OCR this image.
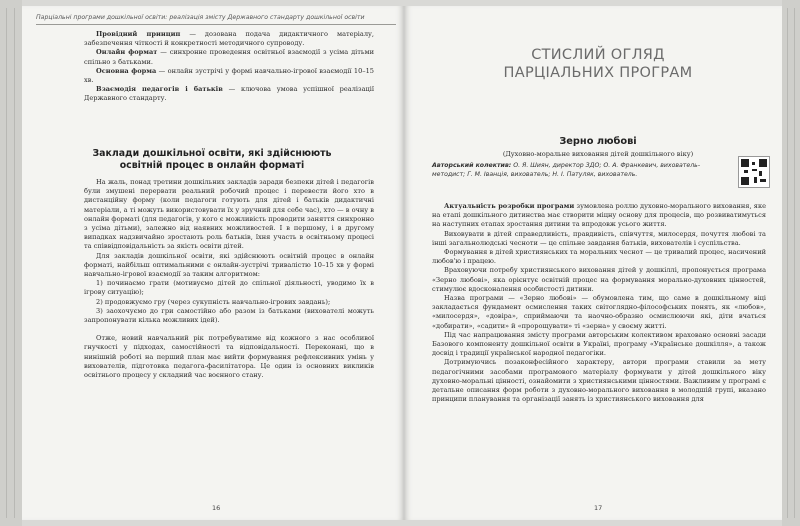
Парціальні програми дошкільної освіти: реалізація змісту Державного стандарту дошкільної освіти

Провідний принцип — дозована подача дидактичного матеріалу, забезпечення чіткості й конкретності методичного супроводу.

Онлайн формат — синхронне проведення освітньої взаємодії з усіма дітьми спільно з батьками.

Основна форма — онлайн зустрічі у формі навчально-ігрової взаємодії 10–15 хв.

Взаємодія педагогів і батьків — ключова умова успішної реалізації Державного стандарту.

Заклади дошкільної освіти, які здійснюють освітній процес в онлайн форматі

На жаль, понад третини дошкільних закладів заради безпеки дітей і педагогів були змушені перервати реальний робочий процес і перевести його хто в дистанційну форму (коли педагоги готують для дітей і батьків дидактичні матеріали, а ті можуть використовувати їх у зручний для себе час), хто — в очну в онлайн форматі (для педагогів, у кого є можливість проводити заняття синхронно з усіма дітьми), залежно від наявних можливостей. І в першому, і в другому випадках надзвичайно зростають роль батьків, їхня участь в освітньому процесі та співвідповідальність за якість освіти дітей.

Для закладів дошкільної освіти, які здійснюють освітній процес в онлайн форматі, найбільш оптимальними є онлайн-зустрічі тривалістю 10–15 хв у формі навчально-ігрової взаємодії за таким алгоритмом:

1) починаємо грати (мотивуємо дітей до спільної діяльності, уводимо їх в ігрову ситуацію);

2) продовжуємо гру (через сукупність навчально-ігрових завдань);

3) заохочуємо до гри самостійно або разом із батьками (вихователі можуть запропонувати кілька можливих ідей).

Отже, новий навчальний рік потребуватиме від кожного з нас особливої гнучкості у підходах, самостійності та відповідальності. Переконані, що в нинішній роботі на перший план має вийти формування рефлексивних умінь у вихователів, підготовка педагога-фасилітатора. Це один із основних викликів освітнього процесу у складний час воєнного стану.

16
СТИСЛИЙ ОГЛЯД
ПАРЦІАЛЬНИХ ПРОГРАМ
Зерно любові
(Духовно-моральне виховання дітей дошкільного віку)
Авторський колектив: О. Я. Шиян, директор ЗДО; О. А. Франкевич, вихователь-методист; Г. М. Іванція, вихователь; Н. І. Патуляк, вихователь.

Актуальність розробки програми зумовлена роллю духовно-морального виховання, яке на етапі дошкільного дитинства має створити міцну основу для процесів, що розвиватимуться на наступних етапах зростання дитини та впродовж усього життя.

Виховувати в дітей справедливість, правдивість, співчуття, милосердя, почуття любові та інші загальнолюдські чесноти — це спільне завдання батьків, вихователів і суспільства.

Формування в дітей християнських та моральних чеснот — це тривалий процес, насичений любов'ю і працею.

Враховуючи потребу християнського виховання дітей у дошкіллі, пропонується програма «Зерно любові», яка орієнтує освітній процес на формування морально-духовних цінностей, стимулює вдосконалення особистості дитини.

Назва програми — «Зерно любові» — обумовлена тим, що саме в дошкільному віці закладається фундамент осмислення таких світоглядно-філософських понять, як «любов», «милосердя», «довіра», сприймаючи та наочно-образно осмислюючи які, діти вчаться «добирати», «садити» й «пророщувати» ті «зерна» у своєму житті.

Під час напрацювання змісту програми авторським колективом враховано основні засади Базового компоненту дошкільної освіти в Україні, програму «Українське дошкілля», а також досвід і традиції української народної педагогіки.

Дотримуючись позаконфесійного характеру, автори програми ставили за мету педагогічними засобами програмового матеріалу формувати у дітей дошкільного віку духовно-моральні цінності, ознайомити з християнськими цінностями. Важливим у програмі є детальне описання форм роботи з духовно-морального виховання в молодшій групі, вказано принципи планування та організації занять із християнського виховання для

17
